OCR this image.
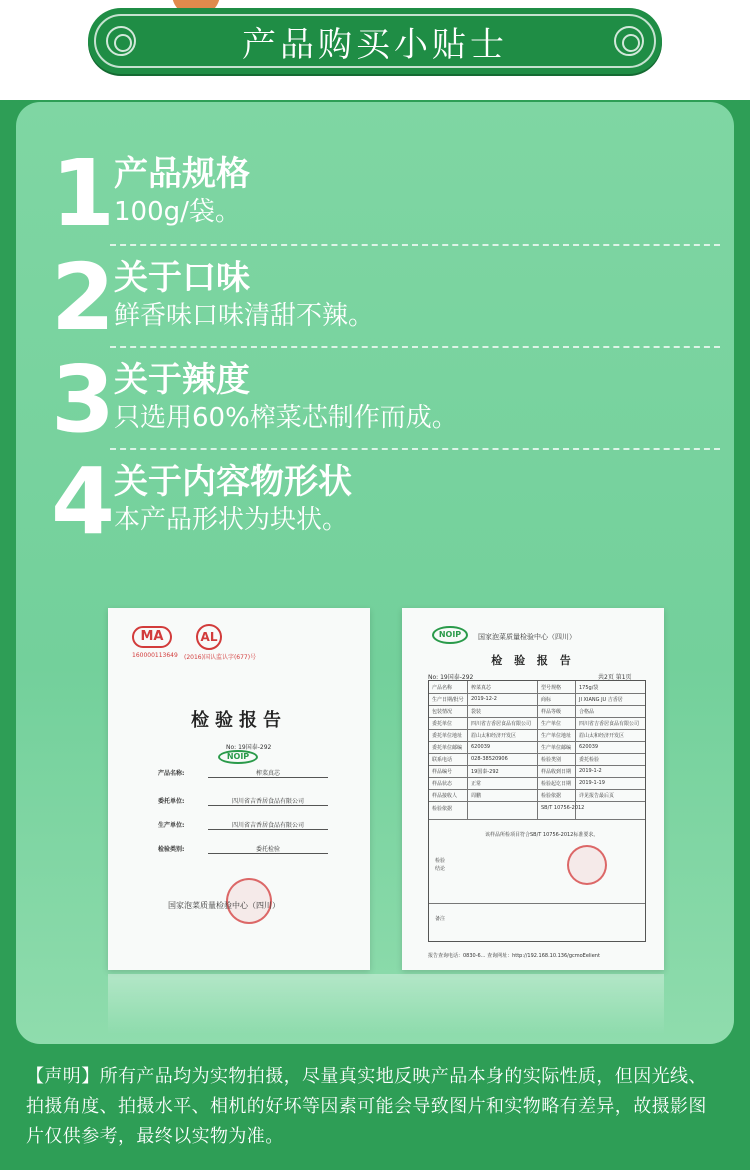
产品购买小贴士
1 产品规格
100g/袋。
2 关于口味
鲜香味口味清甜不辣。
3 关于辣度
只选用60%榨菜芯制作而成。
4 关于内容物形状
本产品形状为块状。
MA
160000113649
AL
(2016)国认监认字(677)号
检验报告
No: 19国泰-292
NOIP
产品名称:	榨菜真芯
委托单位:	四川省吉香居食品有限公司
生产单位:	四川省吉香居食品有限公司
检验类别:	委托检验
国家泡菜质量检验中心（四川）
NOIP	国家泡菜质量检验中心（四川）
检 验 报 告
No: 19国泰-292	共2页 第1页
产品名称	榨菜真芯	型号规格	175g/袋
生产日期/批号 2019-12-2	商标	JI XIANG JU 吉香居
包装情况	袋装	样品等级	合格品
委托单位	四川省吉香居食品有限公司 生产单位	四川省吉香居食品有限公司
委托单位地址 眉山太和经济开发区	生产单位地址 眉山太和经济开发区
委托单位邮编 620039	生产单位邮编 620039
联系电话	028-38520906	检验类别	委托检验
样品编号	19国泰-292	样品收到日期 2019-1-2
样品状态	正常	检验起讫日期 2019-1-19
样品接收人	周鹏	检验依据	详见报告最后页
检验依据	SB/T 10756-2012
检验结论
该样品所检项目符合SB/T 10756-2012标准要求。
备注
报告查询电话：0830-6... 查询网址：http://192.168.10.136/gcmoEelient
【声明】所有产品均为实物拍摄，尽量真实地反映产品本身的实际性质，但因光线、拍摄角度、拍摄水平、相机的好坏等因素可能会导致图片和实物略有差异，故摄影图片仅供参考，最终以实物为准。
